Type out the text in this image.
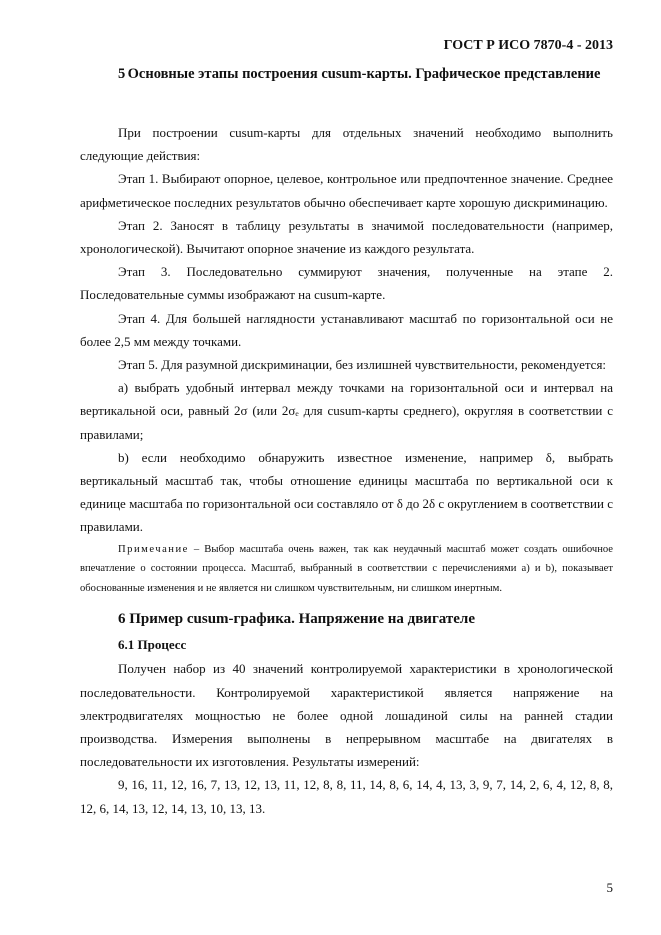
ГОСТ Р ИСО 7870-4 - 2013
5 Основные этапы построения cusum-карты. Графическое представление

При построении cusum-карты для отдельных значений необходимо выполнить следующие действия:

Этап 1. Выбирают опорное, целевое, контрольное или предпочтенное значение. Среднее арифметическое последних результатов обычно обеспечивает карте хорошую дискриминацию.

Этап 2. Заносят в таблицу результаты в значимой последовательности (например, хронологической). Вычитают опорное значение из каждого результата.

Этап 3. Последовательно суммируют значения, полученные на этапе 2. Последовательные суммы изображают на cusum-карте.

Этап 4. Для большей наглядности устанавливают масштаб по горизонтальной оси не более 2,5 мм между точками.

Этап 5. Для разумной дискриминации, без излишней чувствительности, рекомендуется:

а) выбрать удобный интервал между точками на горизонтальной оси и интервал на вертикальной оси, равный 2σ (или 2σₑ для cusum-карты среднего), округляя в соответствии с правилами;

b) если необходимо обнаружить известное изменение, например δ, выбрать вертикальный масштаб так, чтобы отношение единицы масштаба по вертикальной оси к единице масштаба по горизонтальной оси составляло от δ до 2δ с округлением в соответствии с правилами.

Примечание – Выбор масштаба очень важен, так как неудачный масштаб может создать ошибочное впечатление о состоянии процесса. Масштаб, выбранный в соответствии с перечислениями а) и b), показывает обоснованные изменения и не является ни слишком чувствительным, ни слишком инертным.

6 Пример cusum-графика. Напряжение на двигателе

6.1 Процесс

Получен набор из 40 значений контролируемой характеристики в хронологической последовательности. Контролируемой характеристикой является напряжение на электродвигателях мощностью не более одной лошадиной силы на ранней стадии производства. Измерения выполнены в непрерывном масштабе на двигателях в последовательности их изготовления. Результаты измерений:

9, 16, 11, 12, 16, 7, 13, 12, 13, 11, 12, 8, 8, 11, 14, 8, 6, 14, 4, 13, 3, 9, 7, 14, 2, 6, 4, 12, 8, 8, 12, 6, 14, 13, 12, 14, 13, 10, 13, 13.

5
